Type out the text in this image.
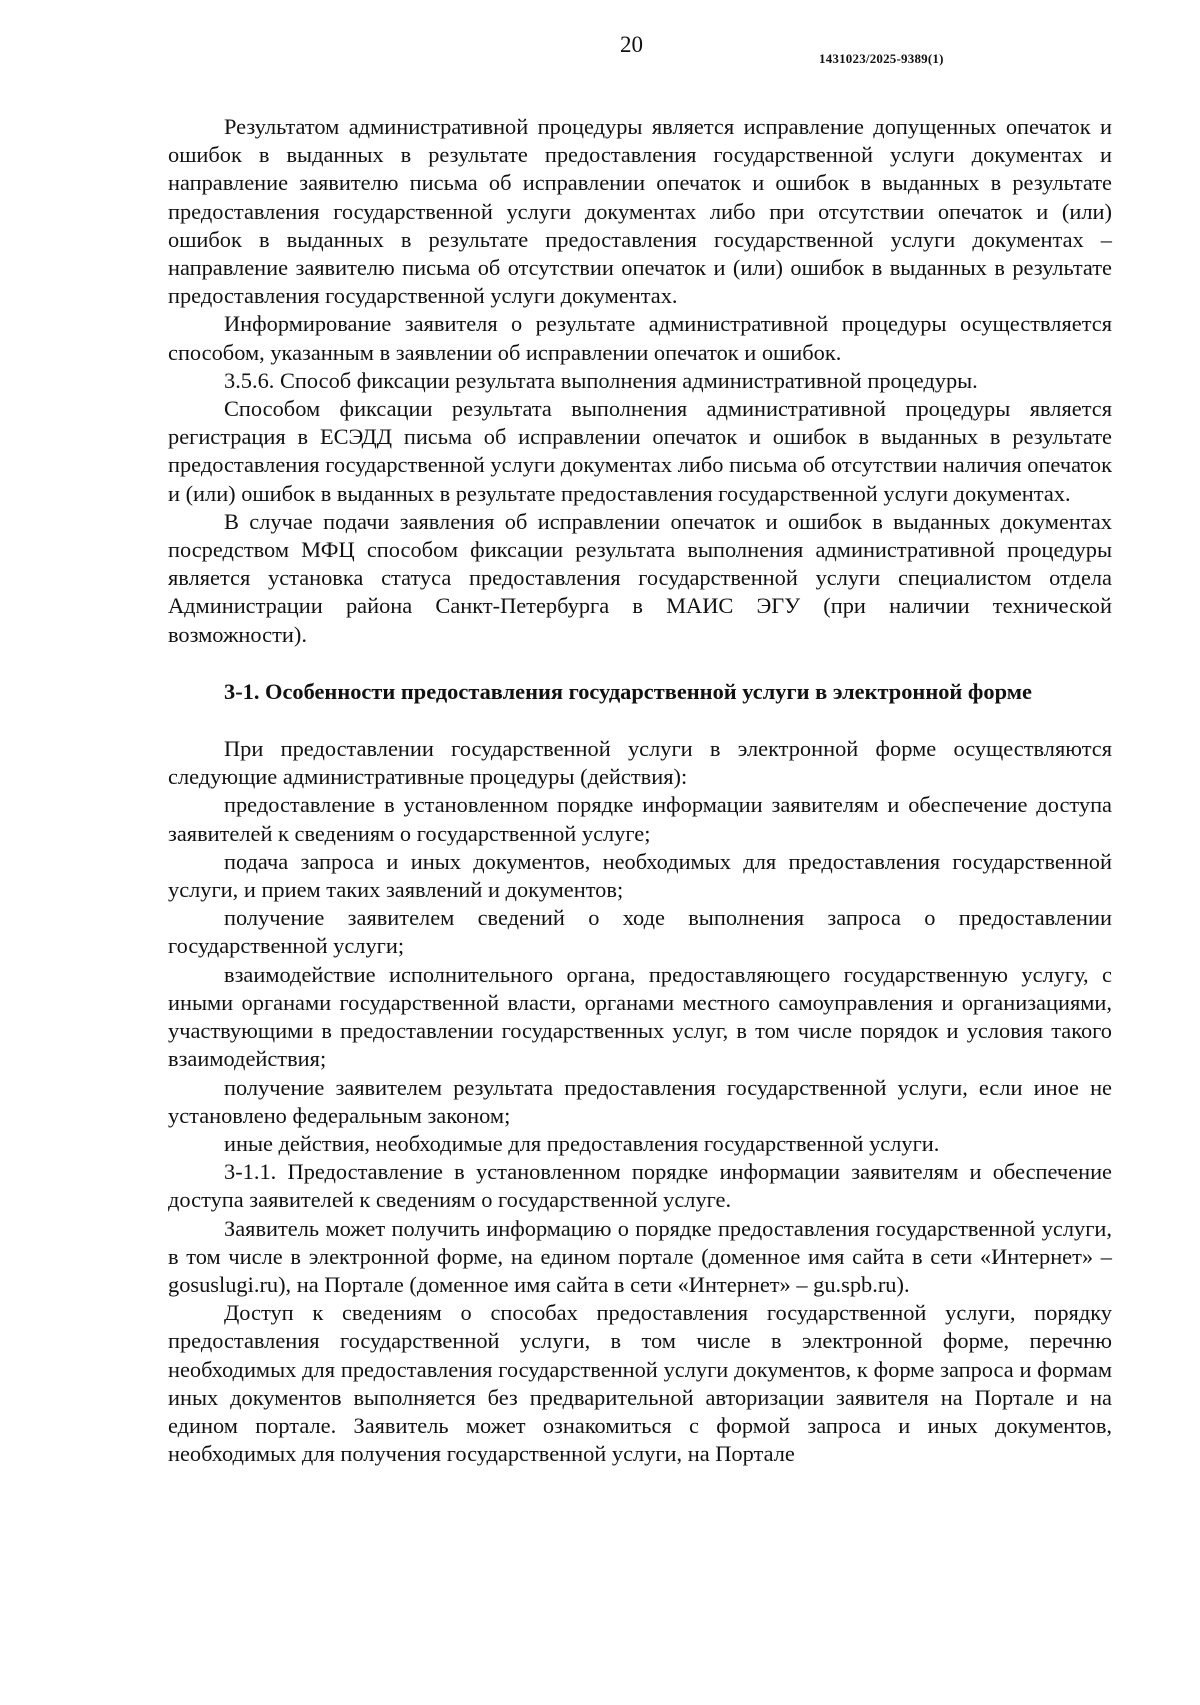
20
1431023/2025-9389(1)

Результатом административной процедуры является исправление допущенных опечаток и ошибок в выданных в результате предоставления государственной услуги документах и направление заявителю письма об исправлении опечаток и ошибок в выданных в результате предоставления государственной услуги документах либо при отсутствии опечаток и (или) ошибок в выданных в результате предоставления государственной услуги документах – направление заявителю письма об отсутствии опечаток и (или) ошибок в выданных в результате предоставления государственной услуги документах.

Информирование заявителя о результате административной процедуры осуществляется способом, указанным в заявлении об исправлении опечаток и ошибок.

3.5.6. Способ фиксации результата выполнения административной процедуры.

Способом фиксации результата выполнения административной процедуры является регистрация в ЕСЭДД письма об исправлении опечаток и ошибок в выданных в результате предоставления государственной услуги документах либо письма об отсутствии наличия опечаток и (или) ошибок в выданных в результате предоставления государственной услуги документах.

В случае подачи заявления об исправлении опечаток и ошибок в выданных документах посредством МФЦ способом фиксации результата выполнения административной процедуры является установка статуса предоставления государственной услуги специалистом отдела Администрации района Санкт-Петербурга в МАИС ЭГУ (при наличии технической возможности).

3-1. Особенности предоставления государственной услуги в электронной форме

При предоставлении государственной услуги в электронной форме осуществляются следующие административные процедуры (действия):

предоставление в установленном порядке информации заявителям и обеспечение доступа заявителей к сведениям о государственной услуге;

подача запроса и иных документов, необходимых для предоставления государственной услуги, и прием таких заявлений и документов;

получение заявителем сведений о ходе выполнения запроса о предоставлении государственной услуги;

взаимодействие исполнительного органа, предоставляющего государственную услугу, с иными органами государственной власти, органами местного самоуправления и организациями, участвующими в предоставлении государственных услуг, в том числе порядок и условия такого взаимодействия;

получение заявителем результата предоставления государственной услуги, если иное не установлено федеральным законом;

иные действия, необходимые для предоставления государственной услуги.

3-1.1. Предоставление в установленном порядке информации заявителям и обеспечение доступа заявителей к сведениям о государственной услуге.

Заявитель может получить информацию о порядке предоставления государственной услуги, в том числе в электронной форме, на едином портале (доменное имя сайта в сети «Интернет» – gosuslugi.ru), на Портале (доменное имя сайта в сети «Интернет» – gu.spb.ru).

Доступ к сведениям о способах предоставления государственной услуги, порядку предоставления государственной услуги, в том числе в электронной форме, перечню необходимых для предоставления государственной услуги документов, к форме запроса и формам иных документов выполняется без предварительной авторизации заявителя на Портале и на едином портале. Заявитель может ознакомиться с формой запроса и иных документов, необходимых для получения государственной услуги, на Портале
